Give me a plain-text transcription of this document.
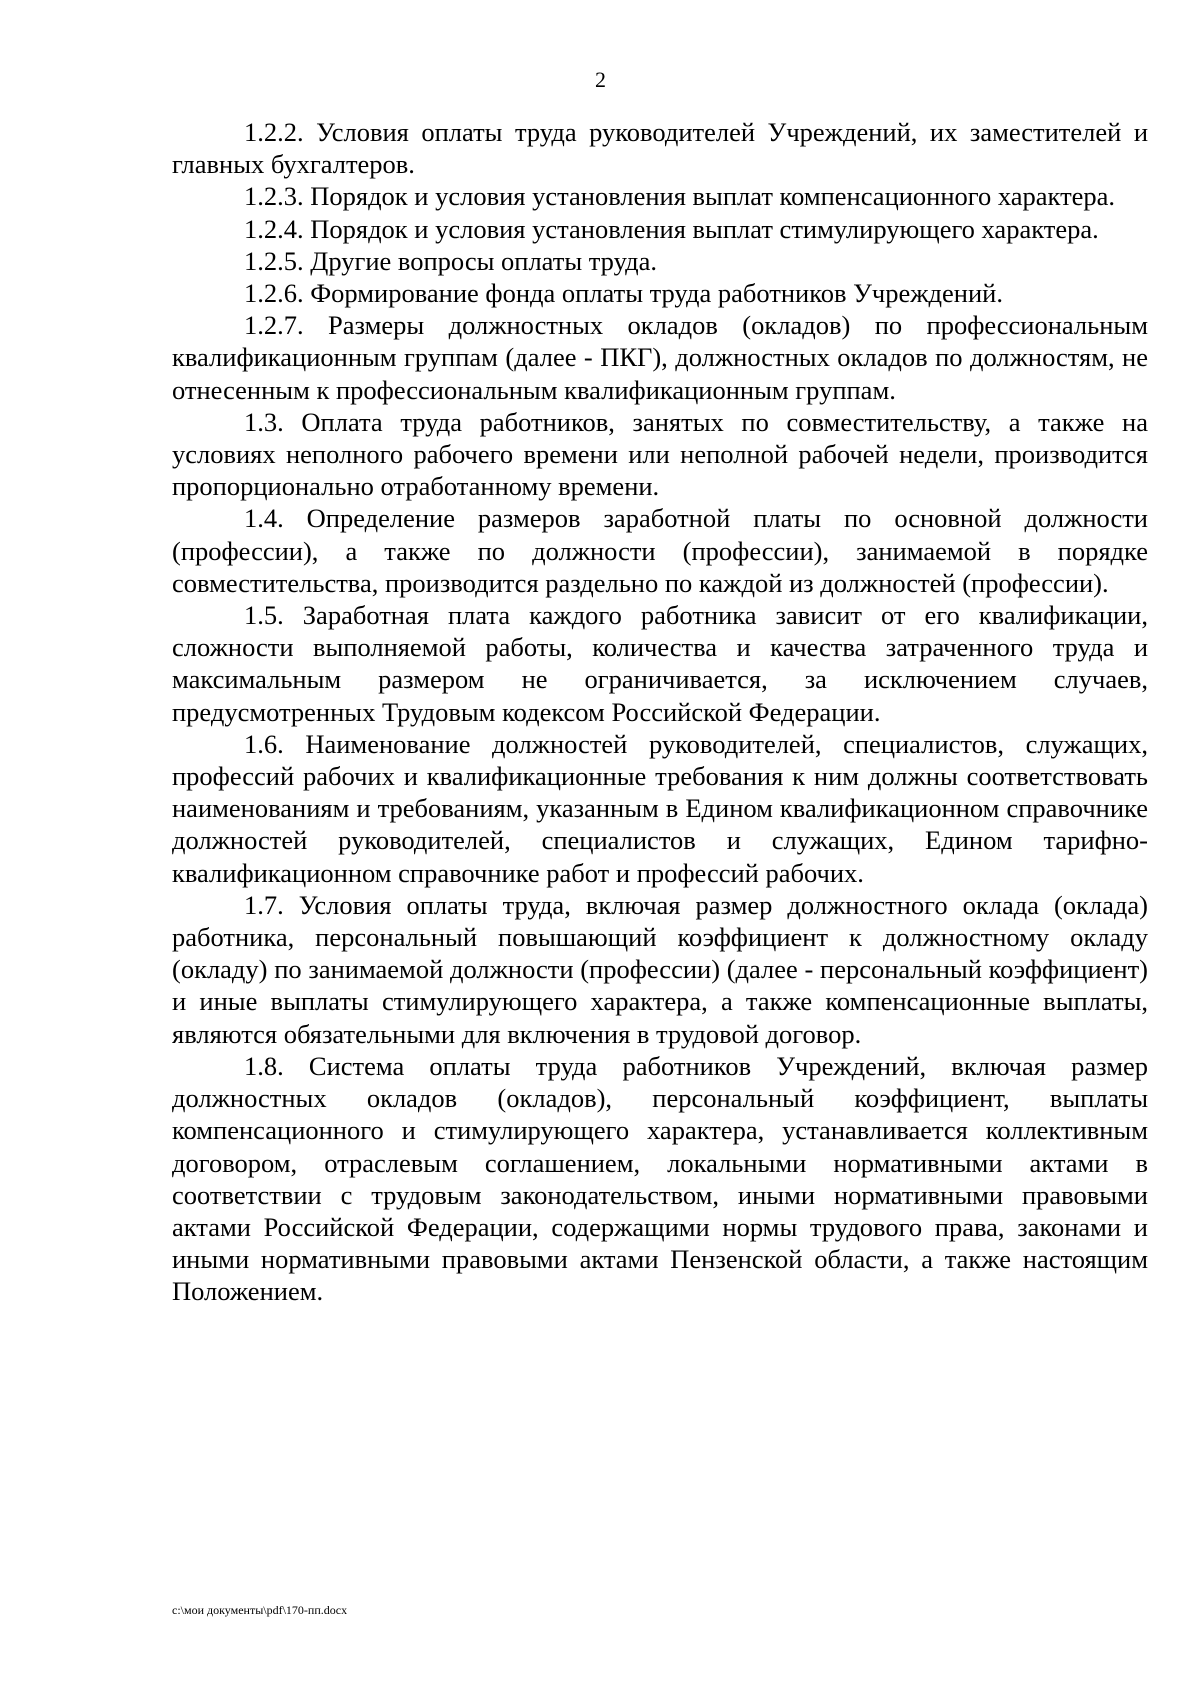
2

1.2.2. Условия оплаты труда руководителей Учреждений, их заместителей и главных бухгалтеров.

1.2.3. Порядок и условия установления выплат компенсационного характера.

1.2.4. Порядок и условия установления выплат стимулирующего характера.

1.2.5. Другие вопросы оплаты труда.

1.2.6. Формирование фонда оплаты труда работников Учреждений.

1.2.7. Размеры должностных окладов (окладов) по профессиональным квалификационным группам (далее - ПКГ), должностных окладов по должностям, не отнесенным к профессиональным квалификационным группам.

1.3. Оплата труда работников, занятых по совместительству, а также на условиях неполного рабочего времени или неполной рабочей недели, производится пропорционально отработанному времени.

1.4. Определение размеров заработной платы по основной должности (профессии), а также по должности (профессии), занимаемой в порядке совместительства, производится раздельно по каждой из должностей (профессии).

1.5. Заработная плата каждого работника зависит от его квалификации, сложности выполняемой работы, количества и качества затраченного труда и максимальным размером не ограничивается, за исключением случаев, предусмотренных Трудовым кодексом Российской Федерации.

1.6. Наименование должностей руководителей, специалистов, служащих, профессий рабочих и квалификационные требования к ним должны соответствовать наименованиям и требованиям, указанным в Едином квалификационном справочнике должностей руководителей, специалистов и служащих, Едином тарифно-квалификационном справочнике работ и профессий рабочих.

1.7. Условия оплаты труда, включая размер должностного оклада (оклада) работника, персональный повышающий коэффициент к должностному окладу (окладу) по занимаемой должности (профессии) (далее - персональный коэффициент) и иные выплаты стимулирующего характера, а также компенсационные выплаты, являются обязательными для включения в трудовой договор.

1.8. Система оплаты труда работников Учреждений, включая размер должностных окладов (окладов), персональный коэффициент, выплаты компенсационного и стимулирующего характера, устанавливается коллективным договором, отраслевым соглашением, локальными нормативными актами в соответствии с трудовым законодательством, иными нормативными правовыми актами Российской Федерации, содержащими нормы трудового права, законами и иными нормативными правовыми актами Пензенской области, а также настоящим Положением.

c:\мои документы\pdf\170-пп.docx
